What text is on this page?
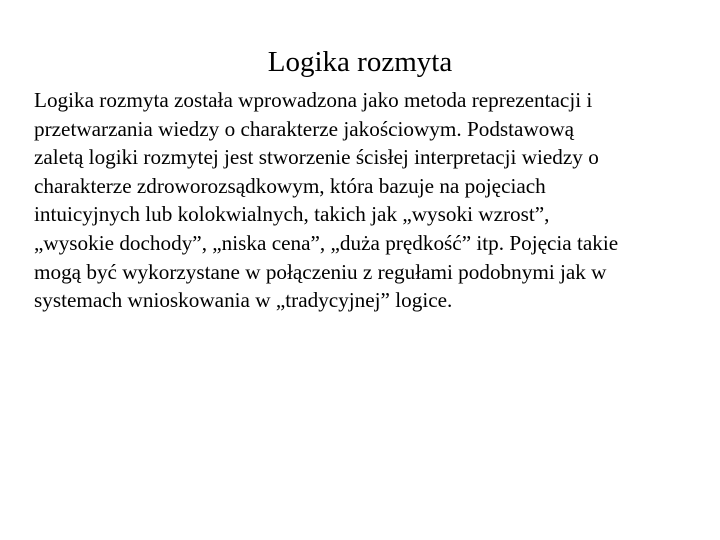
Logika rozmyta

Logika rozmyta została wprowadzona jako metoda reprezentacji i
przetwarzania wiedzy o charakterze jakościowym. Podstawową
zaletą logiki rozmytej jest stworzenie ścisłej interpretacji wiedzy o
charakterze zdroworozsądkowym, która bazuje na pojęciach
intuicyjnych lub kolokwialnych, takich jak „wysoki wzrost”,
„wysokie dochody”, „niska cena”, „duża prędkość” itp. Pojęcia takie
mogą być wykorzystane w połączeniu z regułami podobnymi jak w
systemach wnioskowania w „tradycyjnej” logice.
